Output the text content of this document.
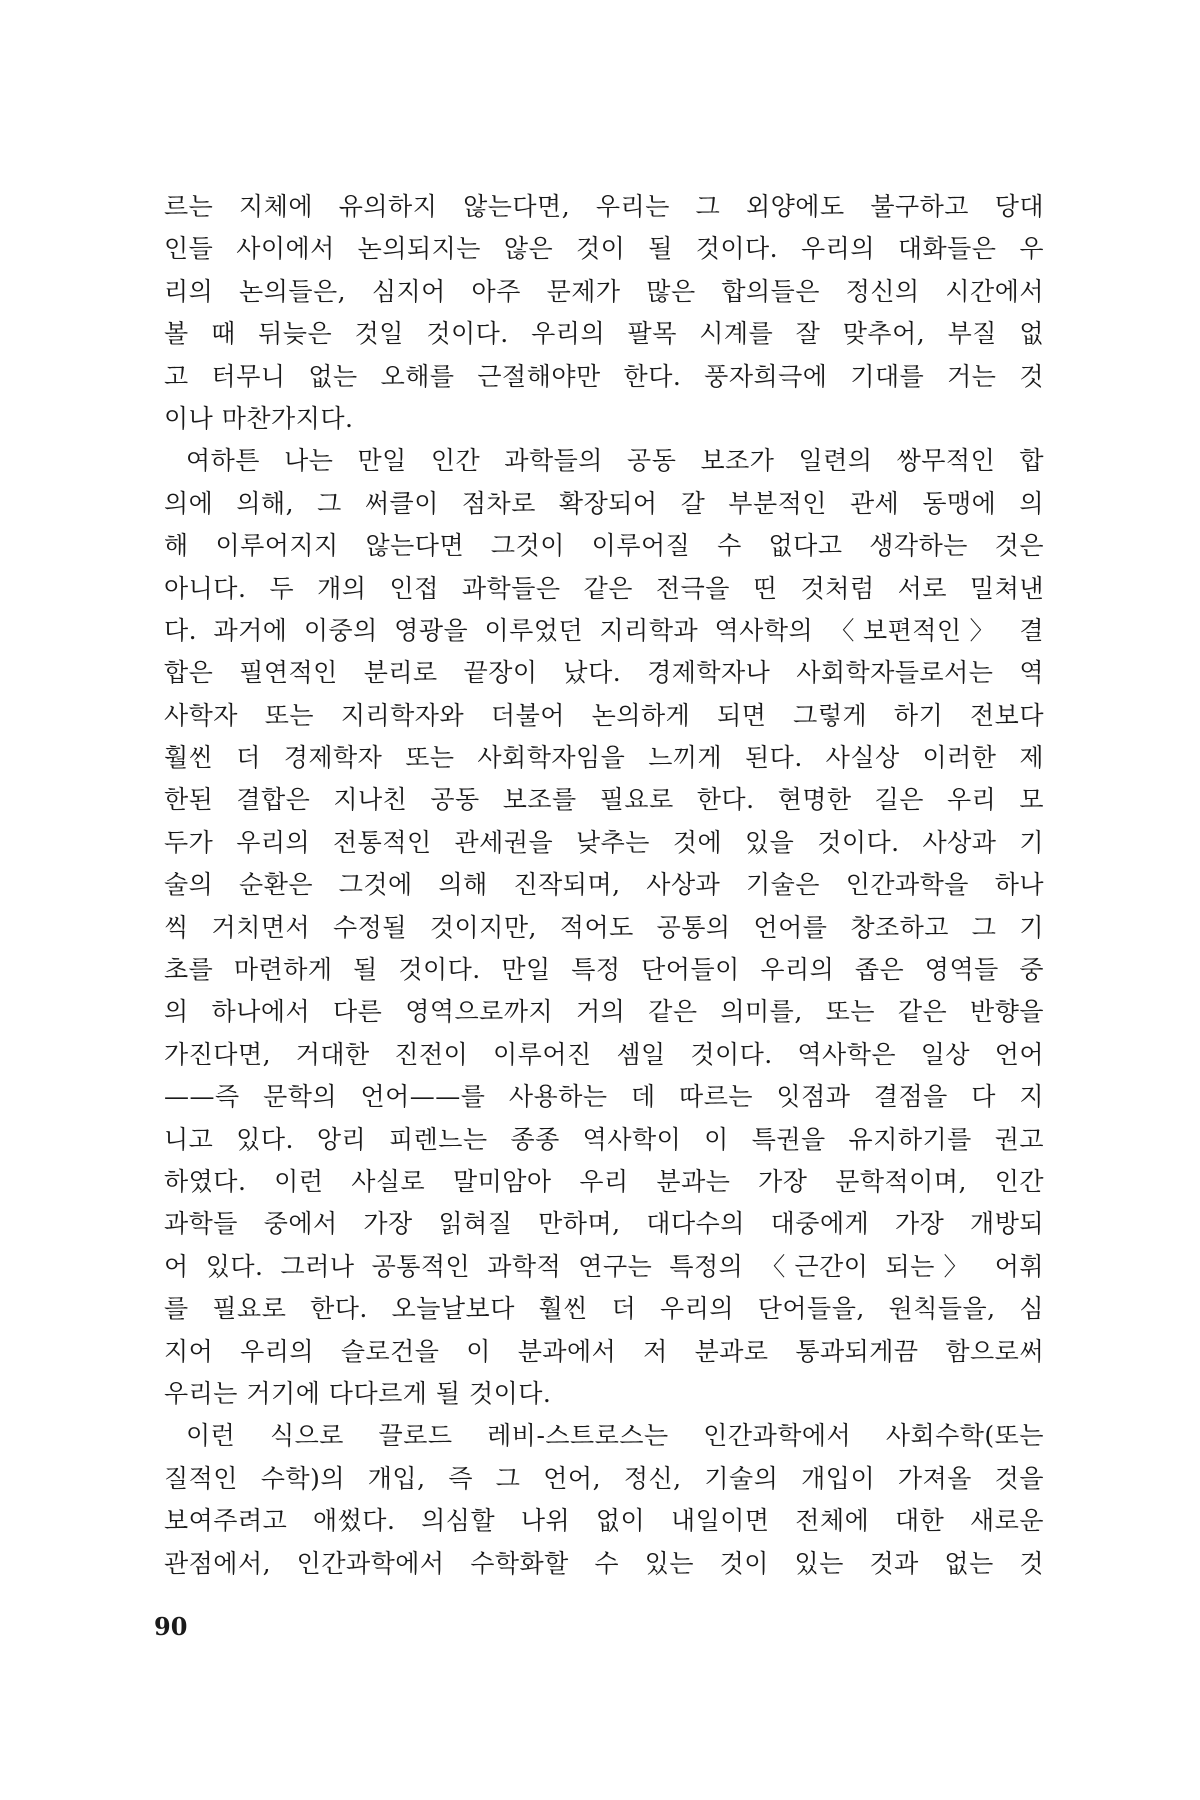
르는 지체에 유의하지 않는다면, 우리는 그 외양에도 불구하고 당대
인들 사이에서 논의되지는 않은 것이 될 것이다. 우리의 대화들은 우
리의 논의들은, 심지어 아주 문제가 많은 합의들은 정신의 시간에서
볼 때 뒤늦은 것일 것이다. 우리의 팔목 시계를 잘 맞추어, 부질 없
고 터무니 없는 오해를 근절해야만 한다. 풍자희극에 기대를 거는 것
이나 마찬가지다.
여하튼 나는 만일 인간 과학들의 공동 보조가 일련의 쌍무적인 합
의에 의해, 그 써클이 점차로 확장되어 갈 부분적인 관세 동맹에 의
해 이루어지지 않는다면 그것이 이루어질 수 없다고 생각하는 것은
아니다. 두 개의 인접 과학들은 같은 전극을 띤 것처럼 서로 밀쳐낸
다. 과거에 이중의 영광을 이루었던 지리학과 역사학의 〈보편적인〉 결
합은 필연적인 분리로 끝장이 났다. 경제학자나 사회학자들로서는 역
사학자 또는 지리학자와 더불어 논의하게 되면 그렇게 하기 전보다
훨씬 더 경제학자 또는 사회학자임을 느끼게 된다. 사실상 이러한 제
한된 결합은 지나친 공동 보조를 필요로 한다. 현명한 길은 우리 모
두가 우리의 전통적인 관세권을 낮추는 것에 있을 것이다. 사상과 기
술의 순환은 그것에 의해 진작되며, 사상과 기술은 인간과학을 하나
씩 거치면서 수정될 것이지만, 적어도 공통의 언어를 창조하고 그 기
초를 마련하게 될 것이다. 만일 특정 단어들이 우리의 좁은 영역들 중
의 하나에서 다른 영역으로까지 거의 같은 의미를, 또는 같은 반향을
가진다면, 거대한 진전이 이루어진 셈일 것이다. 역사학은 일상 언어
——즉 문학의 언어——를 사용하는 데 따르는 잇점과 결점을 다 지
니고 있다. 앙리 피렌느는 종종 역사학이 이 특권을 유지하기를 권고
하였다. 이런 사실로 말미암아 우리 분과는 가장 문학적이며, 인간
과학들 중에서 가장 읽혀질 만하며, 대다수의 대중에게 가장 개방되
어 있다. 그러나 공통적인 과학적 연구는 특정의 〈근간이 되는〉 어휘
를 필요로 한다. 오늘날보다 훨씬 더 우리의 단어들을, 원칙들을, 심
지어 우리의 슬로건을 이 분과에서 저 분과로 통과되게끔 함으로써
우리는 거기에 다다르게 될 것이다.
이런 식으로 끌로드 레비-스트로스는 인간과학에서 사회수학(또는
질적인 수학)의 개입, 즉 그 언어, 정신, 기술의 개입이 가져올 것을
보여주려고 애썼다. 의심할 나위 없이 내일이면 전체에 대한 새로운
관점에서, 인간과학에서 수학화할 수 있는 것이 있는 것과 없는 것
90
